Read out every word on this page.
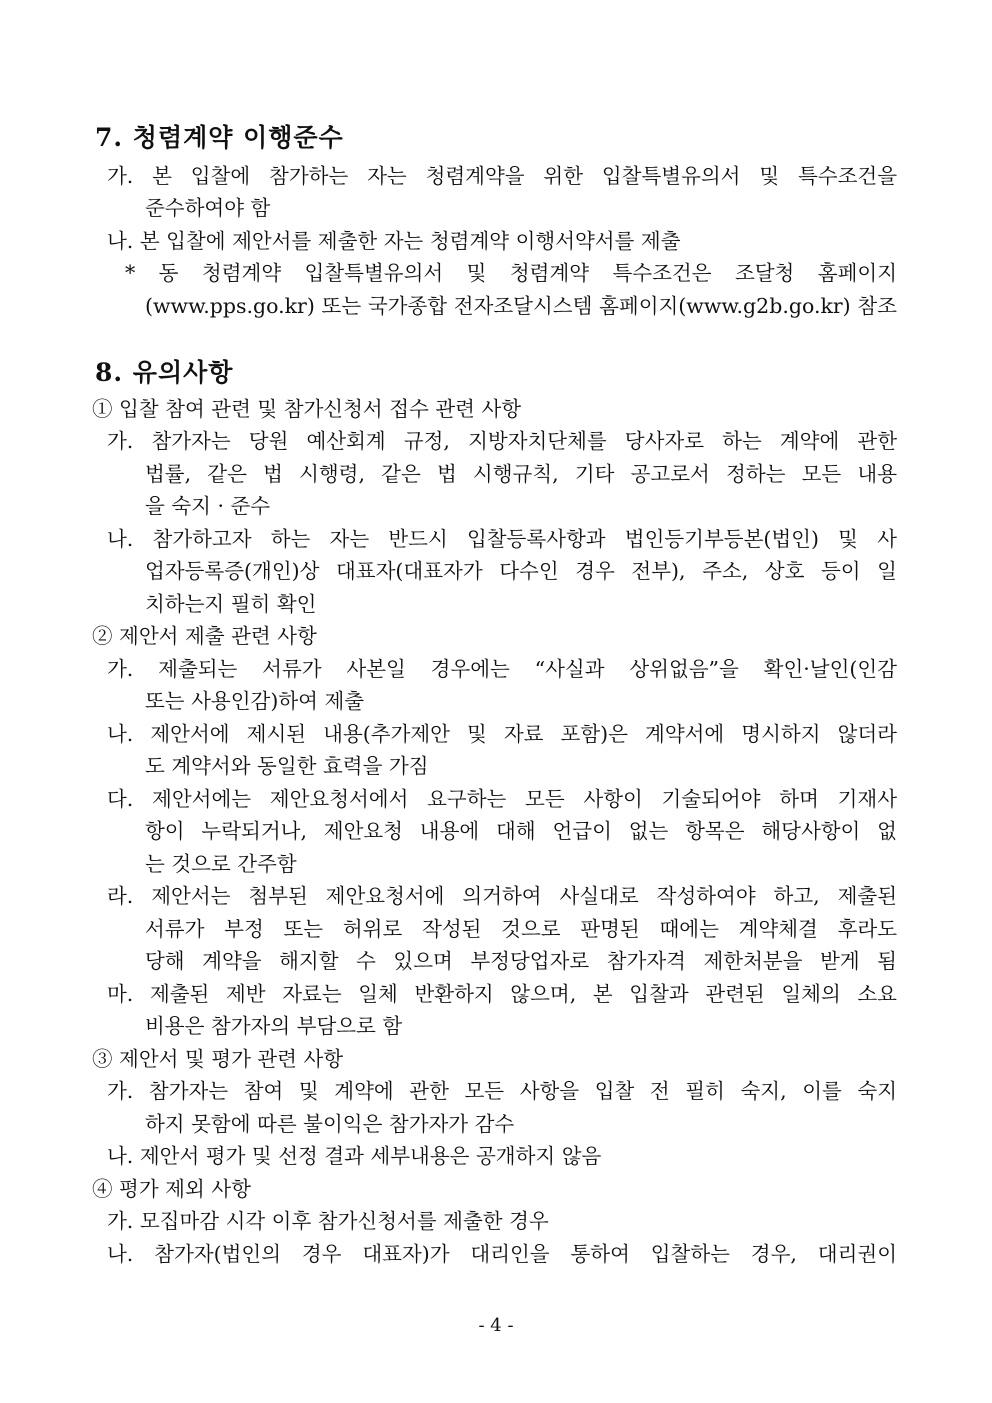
7. 청렴계약 이행준수
가. 본 입찰에 참가하는 자는 청렴계약을 위한 입찰특별유의서 및 특수조건을
준수하여야 함
나. 본 입찰에 제안서를 제출한 자는 청렴계약 이행서약서를 제출
* 동 청렴계약 입찰특별유의서 및 청렴계약 특수조건은 조달청 홈페이지
(www.pps.go.kr) 또는 국가종합 전자조달시스템 홈페이지(www.g2b.go.kr) 참조
8. 유의사항
① 입찰 참여 관련 및 참가신청서 접수 관련 사항
가. 참가자는 당원 예산회계 규정, 지방자치단체를 당사자로 하는 계약에 관한
법률, 같은 법 시행령, 같은 법 시행규칙, 기타 공고로서 정하는 모든 내용
을 숙지 · 준수
나. 참가하고자 하는 자는 반드시 입찰등록사항과 법인등기부등본(법인) 및 사
업자등록증(개인)상 대표자(대표자가 다수인 경우 전부), 주소, 상호 등이 일
치하는지 필히 확인
② 제안서 제출 관련 사항
가. 제출되는 서류가 사본일 경우에는 “사실과 상위없음”을 확인·날인(인감
또는 사용인감)하여 제출
나. 제안서에 제시된 내용(추가제안 및 자료 포함)은 계약서에 명시하지 않더라
도 계약서와 동일한 효력을 가짐
다. 제안서에는 제안요청서에서 요구하는 모든 사항이 기술되어야 하며 기재사
항이 누락되거나, 제안요청 내용에 대해 언급이 없는 항목은 해당사항이 없
는 것으로 간주함
라. 제안서는 첨부된 제안요청서에 의거하여 사실대로 작성하여야 하고, 제출된
서류가 부정 또는 허위로 작성된 것으로 판명된 때에는 계약체결 후라도
당해 계약을 해지할 수 있으며 부정당업자로 참가자격 제한처분을 받게 됨
마. 제출된 제반 자료는 일체 반환하지 않으며, 본 입찰과 관련된 일체의 소요
비용은 참가자의 부담으로 함
③ 제안서 및 평가 관련 사항
가. 참가자는 참여 및 계약에 관한 모든 사항을 입찰 전 필히 숙지, 이를 숙지
하지 못함에 따른 불이익은 참가자가 감수
나. 제안서 평가 및 선정 결과 세부내용은 공개하지 않음
④ 평가 제외 사항
가. 모집마감 시각 이후 참가신청서를 제출한 경우
나. 참가자(법인의 경우 대표자)가 대리인을 통하여 입찰하는 경우, 대리권이
- 4 -
